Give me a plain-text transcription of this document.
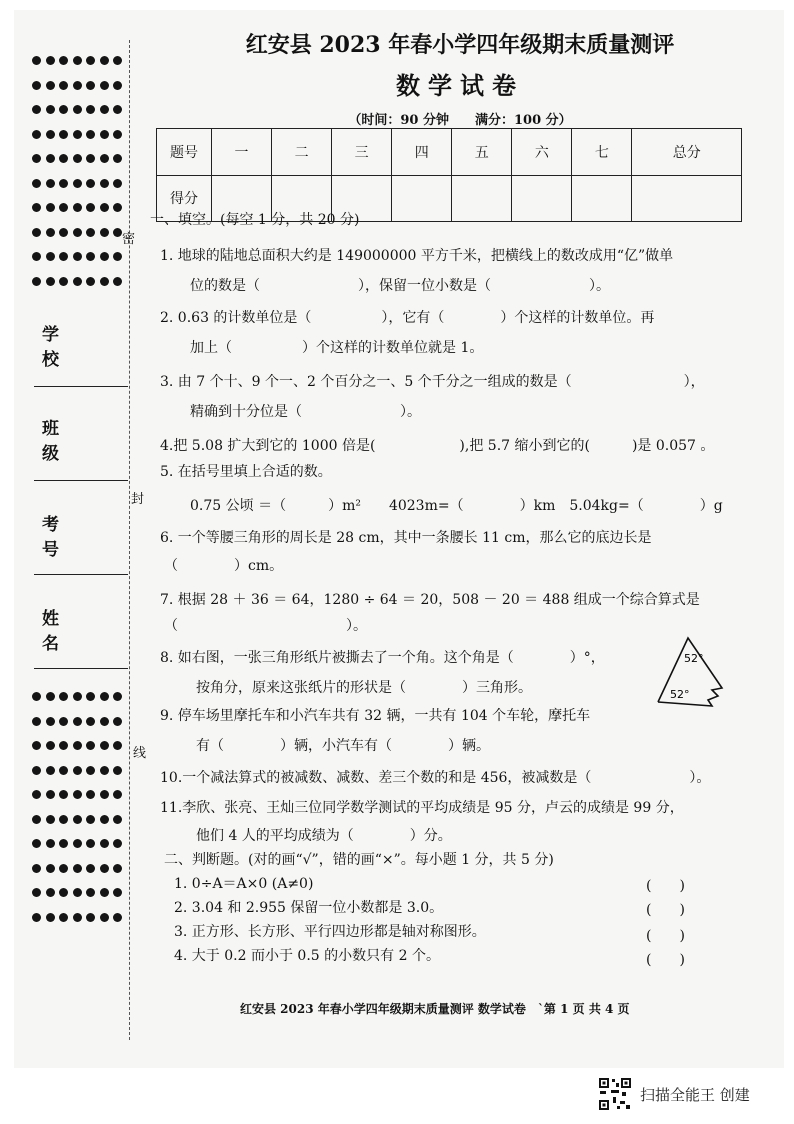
学校
班级
考号
姓名
密
封
线
红安县 2023 年春小学四年级期末质量测评
数学试卷
（时间：90 分钟　　满分：100 分）
题号	一	二	三	四	五	六	七	总分
得分								
一、填空。(每空 1 分，共 20 分)
1. 地球的陆地总面积大约是 149000000 平方千米，把横线上的数改成用“亿”做单
位的数是（　　　　　　　），保留一位小数是（　　　　　　　）。
2. 0.63 的计数单位是（　　　　　），它有（　　　　）个这样的计数单位。再
加上（　　　　　）个这样的计数单位就是 1。
3. 由 7 个十、9 个一、2 个百分之一、5 个千分之一组成的数是（　　　　　　　　），
精确到十分位是（　　　　　　　）。
4.把 5.08 扩大到它的 1000 倍是(　　　　　　),把 5.7 缩小到它的(　　　)是 0.057 。
5. 在括号里填上合适的数。
0.75 公顷 ＝（　　　）m²　　4023m=（　　　　）km　5.04kg=（　　　　）g
6. 一个等腰三角形的周长是 28 cm，其中一条腰长 11 cm，那么它的底边长是
（　　　　）cm。
7. 根据 28 ＋ 36 ＝ 64，1280 ÷ 64 ＝ 20，508 － 20 ＝ 488 组成一个综合算式是
（　　　　　　　　　　　　）。
8. 如右图，一张三角形纸片被撕去了一个角。这个角是（　　　　）°，
按角分，原来这张纸片的形状是（　　　　）三角形。
9. 停车场里摩托车和小汽车共有 32 辆，一共有 104 个车轮，摩托车
有（　　　　）辆，小汽车有（　　　　）辆。
10.一个减法算式的被减数、减数、差三个数的和是 456，被减数是（　　　　　　　）。
11.李欣、张亮、王灿三位同学数学测试的平均成绩是 95 分，卢云的成绩是 99 分，
他们 4 人的平均成绩为（　　　　）分。
52°
52°
二、判断题。(对的画“√”，错的画“×”。每小题 1 分，共 5 分)
1. 0÷A＝A×0 (A≠0)	(　　)
2. 3.04 和 2.955 保留一位小数都是 3.0。	(　　)
3. 正方形、长方形、平行四边形都是轴对称图形。	(　　)
4. 大于 0.2 而小于 0.5 的小数只有 2 个。	(　　)
红安县 2023 年春小学四年级期末质量测评 数学试卷　`第 1 页 共 4 页
扫描全能王 创建
